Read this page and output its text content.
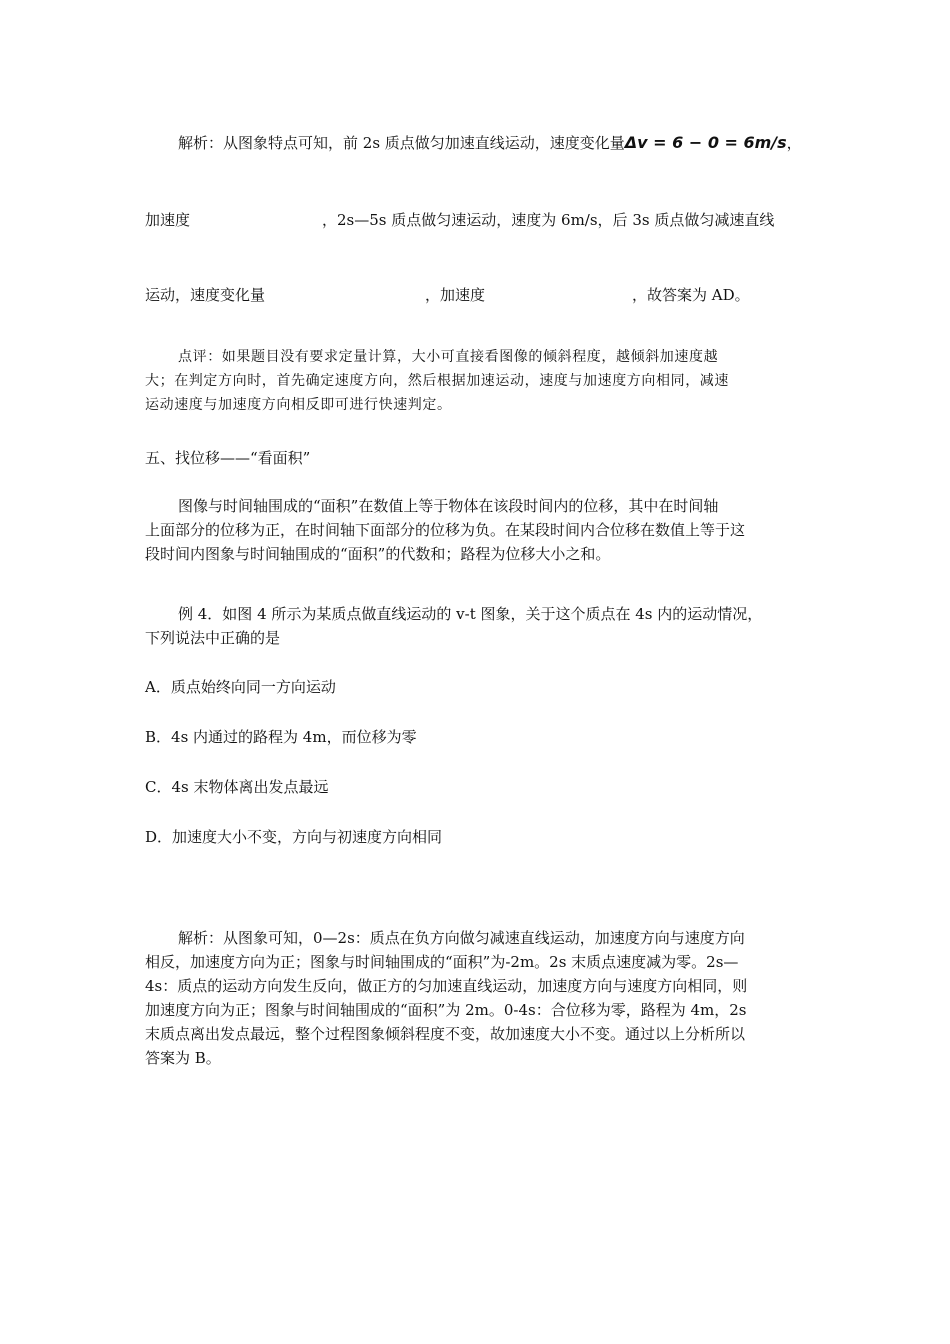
解析：从图象特点可知，前 2s 质点做匀加速直线运动，速度变化量Δv = 6 − 0 = 6m/s，
加速度	，2s—5s 质点做匀速运动，速度为 6m/s，后 3s 质点做匀减速直线
运动，速度变化量	，加速度	，故答案为 AD。
点评：如果题目没有要求定量计算，大小可直接看图像的倾斜程度，越倾斜加速度越
大；在判定方向时，首先确定速度方向，然后根据加速运动，速度与加速度方向相同，减速
运动速度与加速度方向相反即可进行快速判定。
五、找位移——“看面积”
图像与时间轴围成的“面积”在数值上等于物体在该段时间内的位移，其中在时间轴
上面部分的位移为正，在时间轴下面部分的位移为负。在某段时间内合位移在数值上等于这
段时间内图象与时间轴围成的“面积”的代数和；路程为位移大小之和。
例 4．如图 4 所示为某质点做直线运动的 v-t 图象，关于这个质点在 4s 内的运动情况，
下列说法中正确的是
A．质点始终向同一方向运动
B．4s 内通过的路程为 4m，而位移为零
C．4s 末物体离出发点最远
D．加速度大小不变，方向与初速度方向相同
解析：从图象可知，0—2s：质点在负方向做匀减速直线运动，加速度方向与速度方向
相反，加速度方向为正；图象与时间轴围成的“面积”为-2m。2s 末质点速度减为零。2s—
4s：质点的运动方向发生反向，做正方的匀加速直线运动，加速度方向与速度方向相同，则
加速度方向为正；图象与时间轴围成的“面积”为 2m。0-4s：合位移为零，路程为 4m，2s
末质点离出发点最远，整个过程图象倾斜程度不变，故加速度大小不变。通过以上分析所以
答案为 B。
